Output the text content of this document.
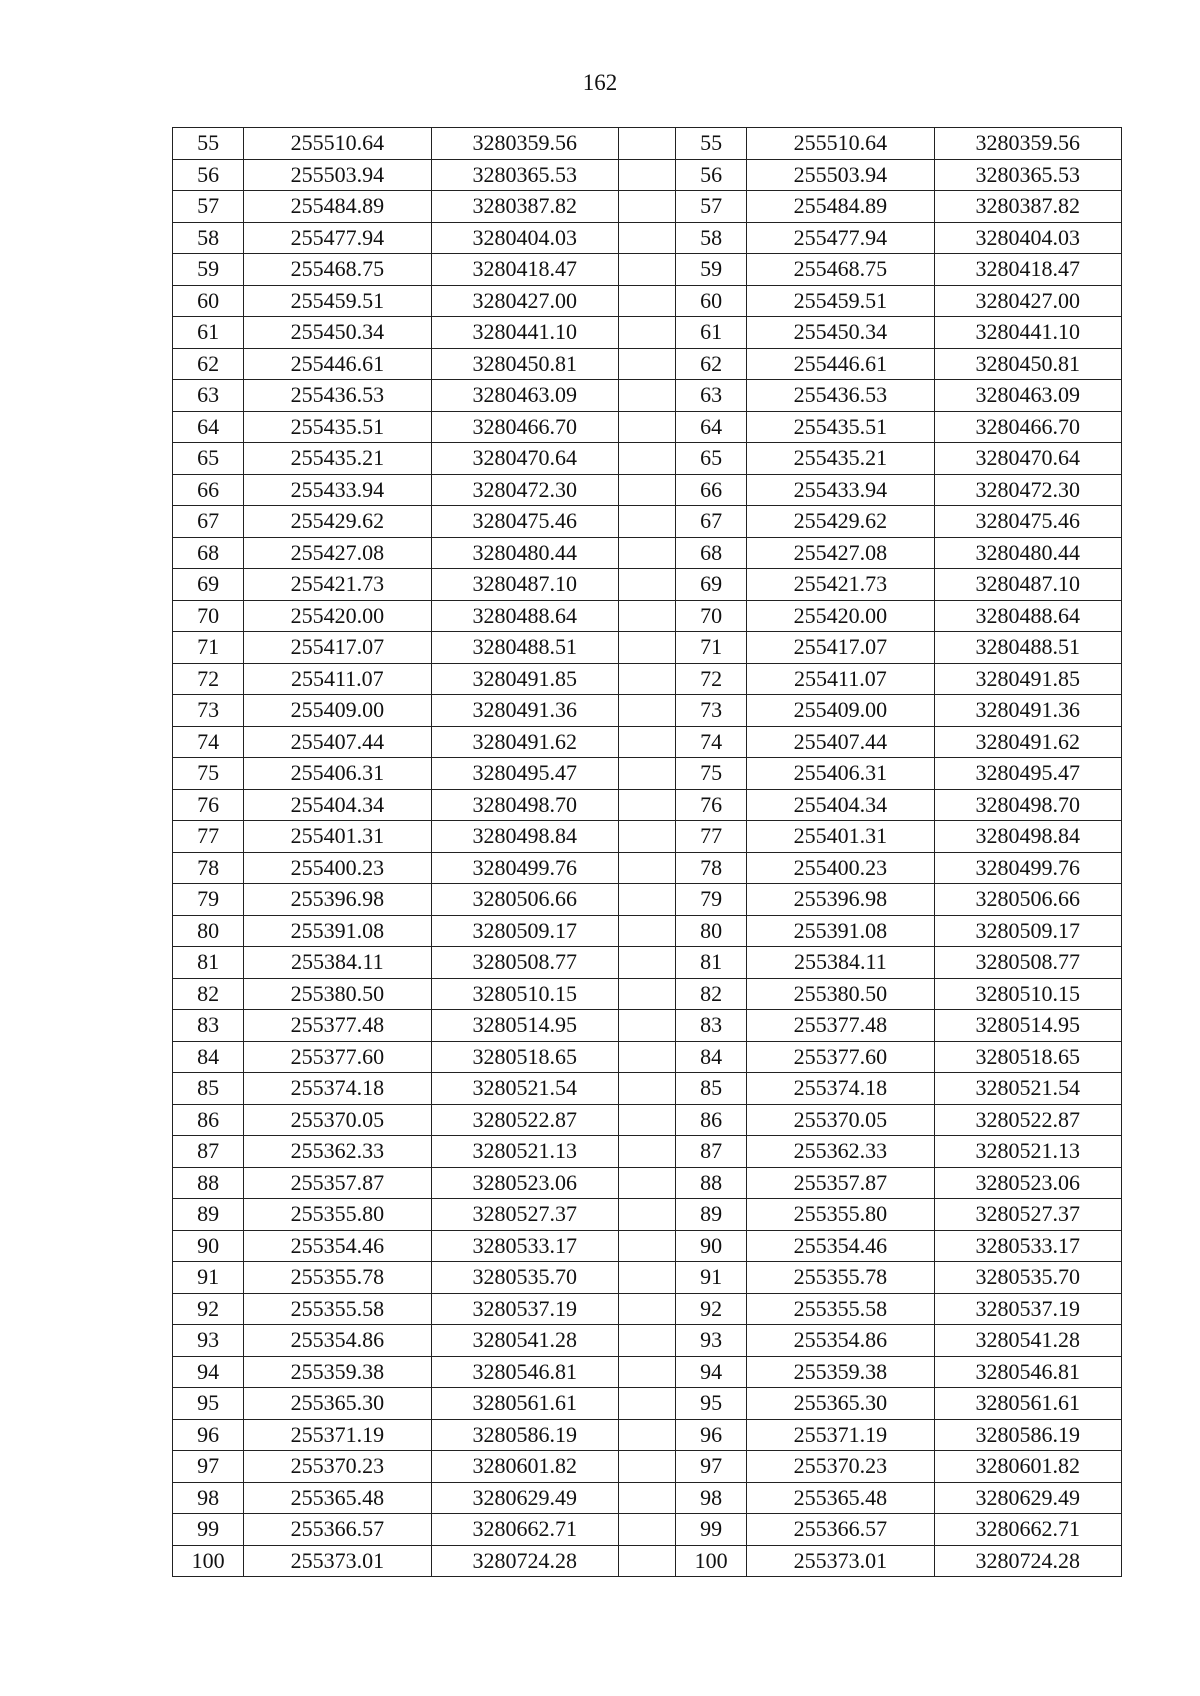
162
55	255510.64	3280359.56		55	255510.64	3280359.56
56	255503.94	3280365.53		56	255503.94	3280365.53
57	255484.89	3280387.82		57	255484.89	3280387.82
58	255477.94	3280404.03		58	255477.94	3280404.03
59	255468.75	3280418.47		59	255468.75	3280418.47
60	255459.51	3280427.00		60	255459.51	3280427.00
61	255450.34	3280441.10		61	255450.34	3280441.10
62	255446.61	3280450.81		62	255446.61	3280450.81
63	255436.53	3280463.09		63	255436.53	3280463.09
64	255435.51	3280466.70		64	255435.51	3280466.70
65	255435.21	3280470.64		65	255435.21	3280470.64
66	255433.94	3280472.30		66	255433.94	3280472.30
67	255429.62	3280475.46		67	255429.62	3280475.46
68	255427.08	3280480.44		68	255427.08	3280480.44
69	255421.73	3280487.10		69	255421.73	3280487.10
70	255420.00	3280488.64		70	255420.00	3280488.64
71	255417.07	3280488.51		71	255417.07	3280488.51
72	255411.07	3280491.85		72	255411.07	3280491.85
73	255409.00	3280491.36		73	255409.00	3280491.36
74	255407.44	3280491.62		74	255407.44	3280491.62
75	255406.31	3280495.47		75	255406.31	3280495.47
76	255404.34	3280498.70		76	255404.34	3280498.70
77	255401.31	3280498.84		77	255401.31	3280498.84
78	255400.23	3280499.76		78	255400.23	3280499.76
79	255396.98	3280506.66		79	255396.98	3280506.66
80	255391.08	3280509.17		80	255391.08	3280509.17
81	255384.11	3280508.77		81	255384.11	3280508.77
82	255380.50	3280510.15		82	255380.50	3280510.15
83	255377.48	3280514.95		83	255377.48	3280514.95
84	255377.60	3280518.65		84	255377.60	3280518.65
85	255374.18	3280521.54		85	255374.18	3280521.54
86	255370.05	3280522.87		86	255370.05	3280522.87
87	255362.33	3280521.13		87	255362.33	3280521.13
88	255357.87	3280523.06		88	255357.87	3280523.06
89	255355.80	3280527.37		89	255355.80	3280527.37
90	255354.46	3280533.17		90	255354.46	3280533.17
91	255355.78	3280535.70		91	255355.78	3280535.70
92	255355.58	3280537.19		92	255355.58	3280537.19
93	255354.86	3280541.28		93	255354.86	3280541.28
94	255359.38	3280546.81		94	255359.38	3280546.81
95	255365.30	3280561.61		95	255365.30	3280561.61
96	255371.19	3280586.19		96	255371.19	3280586.19
97	255370.23	3280601.82		97	255370.23	3280601.82
98	255365.48	3280629.49		98	255365.48	3280629.49
99	255366.57	3280662.71		99	255366.57	3280662.71
100	255373.01	3280724.28		100	255373.01	3280724.28
